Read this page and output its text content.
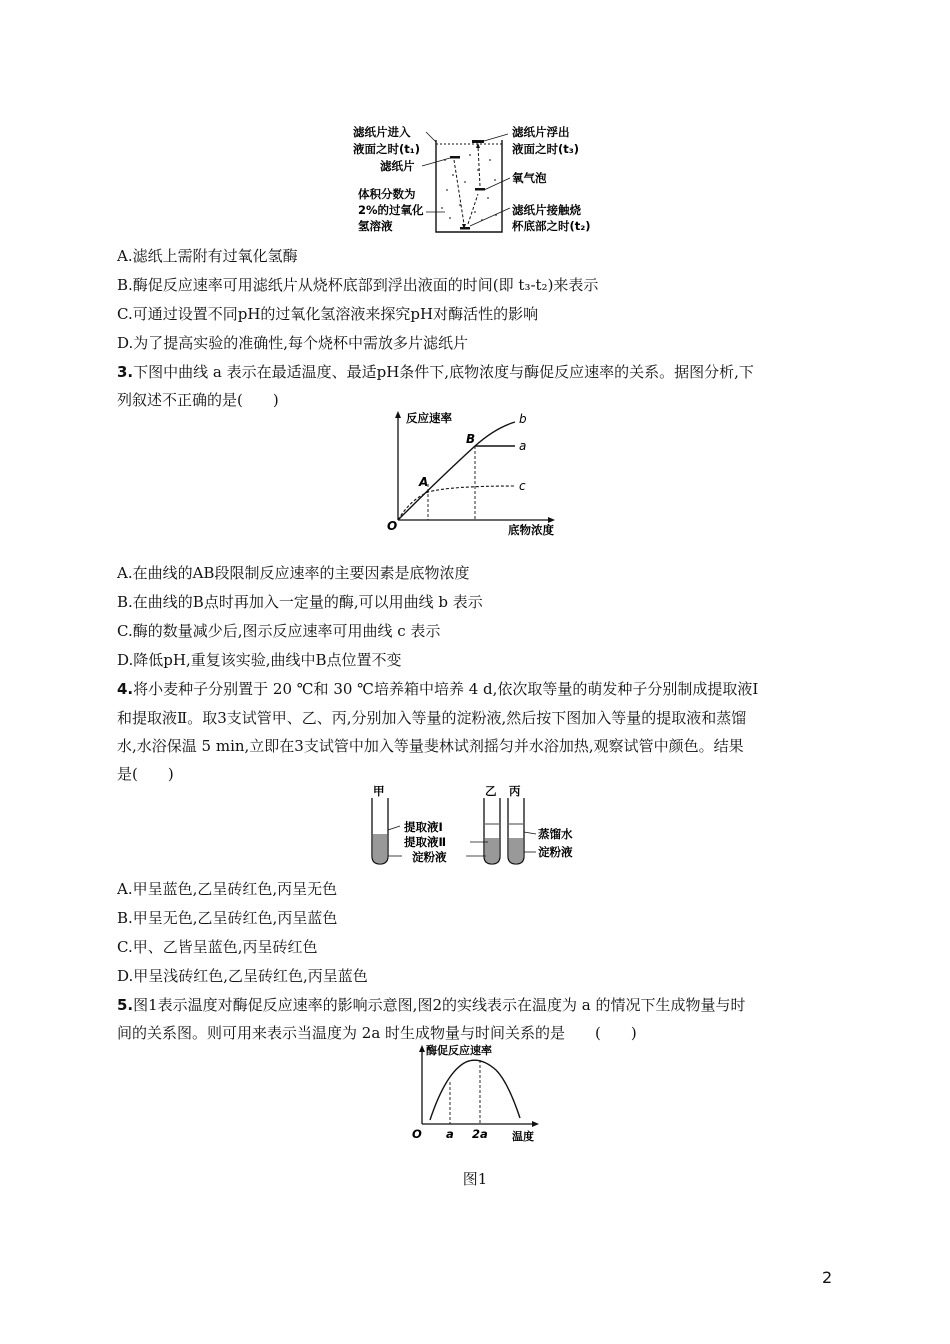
滤纸片进入
液面之时(t₁)
滤纸片
体积分数为
2%的过氧化
氢溶液
滤纸片浮出
液面之时(t₃)
氧气泡
滤纸片接触烧
杯底部之时(t₂)
A.滤纸上需附有过氧化氢酶
B.酶促反应速率可用滤纸片从烧杯底部到浮出液面的时间(即 t₃-t₂)来表示
C.可通过设置不同pH的过氧化氢溶液来探究pH对酶活性的影响
D.为了提高实验的准确性,每个烧杯中需放多片滤纸片
3.下图中曲线 a 表示在最适温度、最适pH条件下,底物浓度与酶促反应速率的关系。据图分析,下
列叙述不正确的是(　　)
反应速率
底物浓度
O
A
B	a
b
c
A.在曲线的AB段限制反应速率的主要因素是底物浓度
B.在曲线的B点时再加入一定量的酶,可以用曲线 b 表示
C.酶的数量减少后,图示反应速率可用曲线 c 表示
D.降低pH,重复该实验,曲线中B点位置不变
4.将小麦种子分别置于 20 ℃和 30 ℃培养箱中培养 4 d,依次取等量的萌发种子分别制成提取液Ⅰ
和提取液Ⅱ。取3支试管甲、乙、丙,分别加入等量的淀粉液,然后按下图加入等量的提取液和蒸馏
水,水浴保温 5 min,立即在3支试管中加入等量斐林试剂摇匀并水浴加热,观察试管中颜色。结果
是(　　)
甲	乙 丙
提取液Ⅰ
提取液Ⅱ
淀粉液
蒸馏水
淀粉液
A.甲呈蓝色,乙呈砖红色,丙呈无色
B.甲呈无色,乙呈砖红色,丙呈蓝色
C.甲、乙皆呈蓝色,丙呈砖红色
D.甲呈浅砖红色,乙呈砖红色,丙呈蓝色
5.图1表示温度对酶促反应速率的影响示意图,图2的实线表示在温度为 a 的情况下生成物量与时
间的关系图。则可用来表示当温度为 2a 时生成物量与时间关系的是　　(　　)
酶促反应速率
温度
O a 2a
图1
2
